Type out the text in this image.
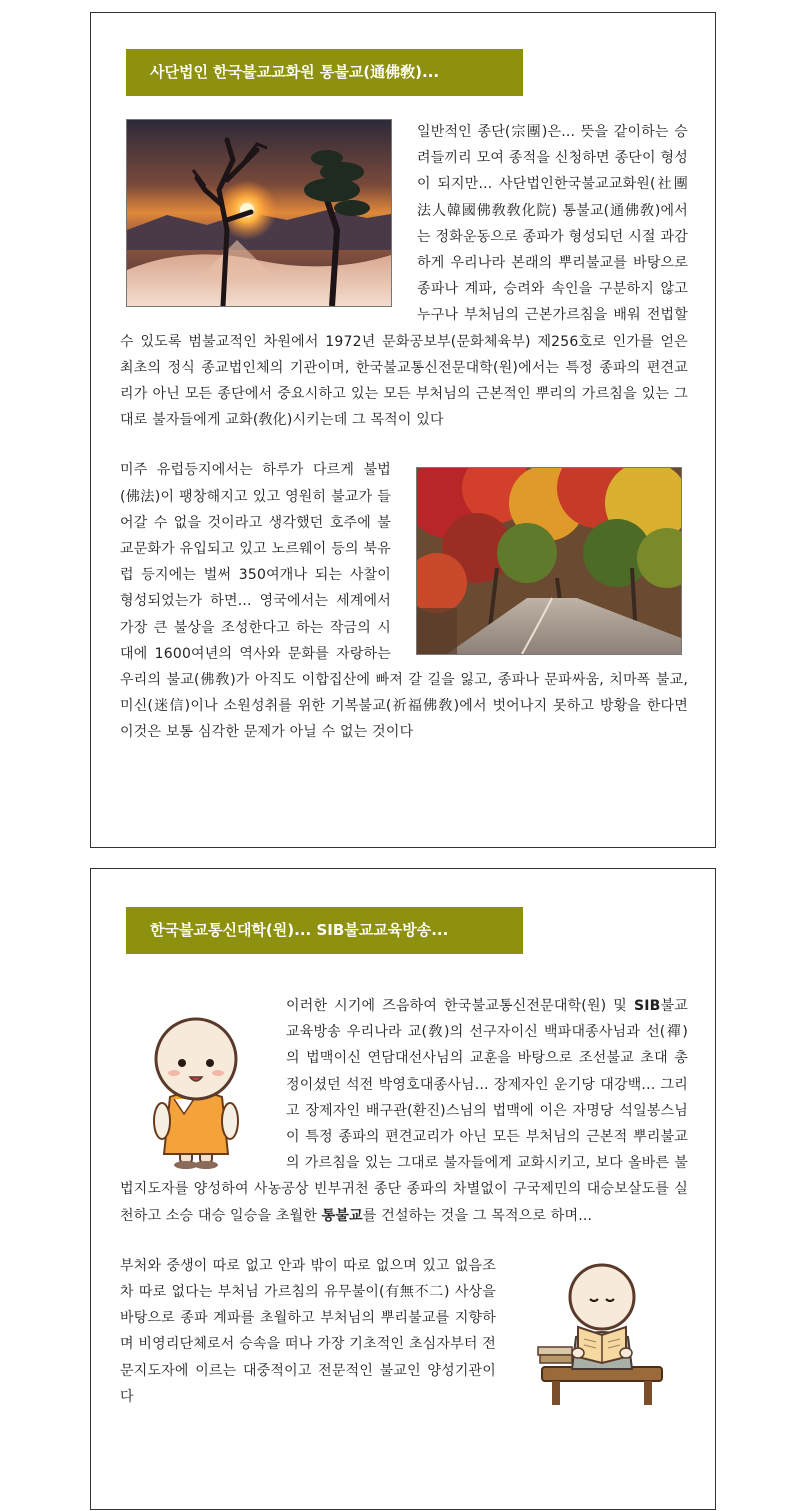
사단법인 한국불교교화원 통불교(通佛敎)...

일반적인 종단(宗團)은... 뜻을 같이하는 승려들끼리 모여 종적을 신청하면 종단이 형성이 되지만... 사단법인한국불교교화원(社團法人韓國佛敎敎化院) 통불교(通佛敎)에서는 정화운동으로 종파가 형성되던 시절 과감하게 우리나라 본래의 뿌리불교를 바탕으로 종파나 계파, 승려와 속인을 구분하지 않고 누구나 부처님의 근본가르침을 배워 전법할 수 있도록 범불교적인 차원에서 1972년 문화공보부(문화체육부) 제256호로 인가를 얻은 최초의 정식 종교법인체의 기관이며, 한국불교통신전문대학(원)에서는 특정 종파의 편견교리가 아닌 모든 종단에서 중요시하고 있는 모든 부처님의 근본적인 뿌리의 가르침을 있는 그대로 불자들에게 교화(敎化)시키는데 그 목적이 있다

미주 유럽등지에서는 하루가 다르게 불법(佛法)이 팽창해지고 있고 영원히 불교가 들어갈 수 없을 것이라고 생각했던 호주에 불교문화가 유입되고 있고 노르웨이 등의 북유럽 등지에는 벌써 350여개나 되는 사찰이 형성되었는가 하면... 영국에서는 세계에서 가장 큰 불상을 조성한다고 하는 작금의 시대에 1600여년의 역사와 문화를 자랑하는 우리의 불교(佛敎)가 아직도 이합집산에 빠져 갈 길을 잃고, 종파나 문파싸움, 치마폭 불교, 미신(迷信)이나 소원성취를 위한 기복불교(祈福佛敎)에서 벗어나지 못하고 방황을 한다면 이것은 보통 심각한 문제가 아닐 수 없는 것이다

한국불교통신대학(원)... SIB불교교육방송...

이러한 시기에 즈음하여 한국불교통신전문대학(원) 및 SIB불교교육방송 우리나라 교(敎)의 선구자이신 백파대종사님과 선(禪)의 법맥이신 연담대선사님의 교훈을 바탕으로 조선불교 초대 총정이셨던 석전 박영호대종사님... 장제자인 운기당 대강백... 그리고 장제자인 배구관(환진)스님의 법맥에 이은 자명당 석일봉스님이 특정 종파의 편견교리가 아닌 모든 부처님의 근본적 뿌리불교의 가르침을 있는 그대로 불자들에게 교화시키고, 보다 올바른 불법지도자를 양성하여 사농공상 빈부귀천 종단 종파의 차별없이 구국제민의 대승보살도를 실천하고 소승 대승 일승을 초월한 통불교를 건설하는 것을 그 목적으로 하며...

부처와 중생이 따로 없고 안과 밖이 따로 없으며 있고 없음조차 따로 없다는 부처님 가르침의 유무불이(有無不二) 사상을 바탕으로 종파 계파를 초월하고 부처님의 뿌리불교를 지향하며 비영리단체로서 승속을 떠나 가장 기초적인 초심자부터 전문지도자에 이르는 대중적이고 전문적인 불교인 양성기관이다
